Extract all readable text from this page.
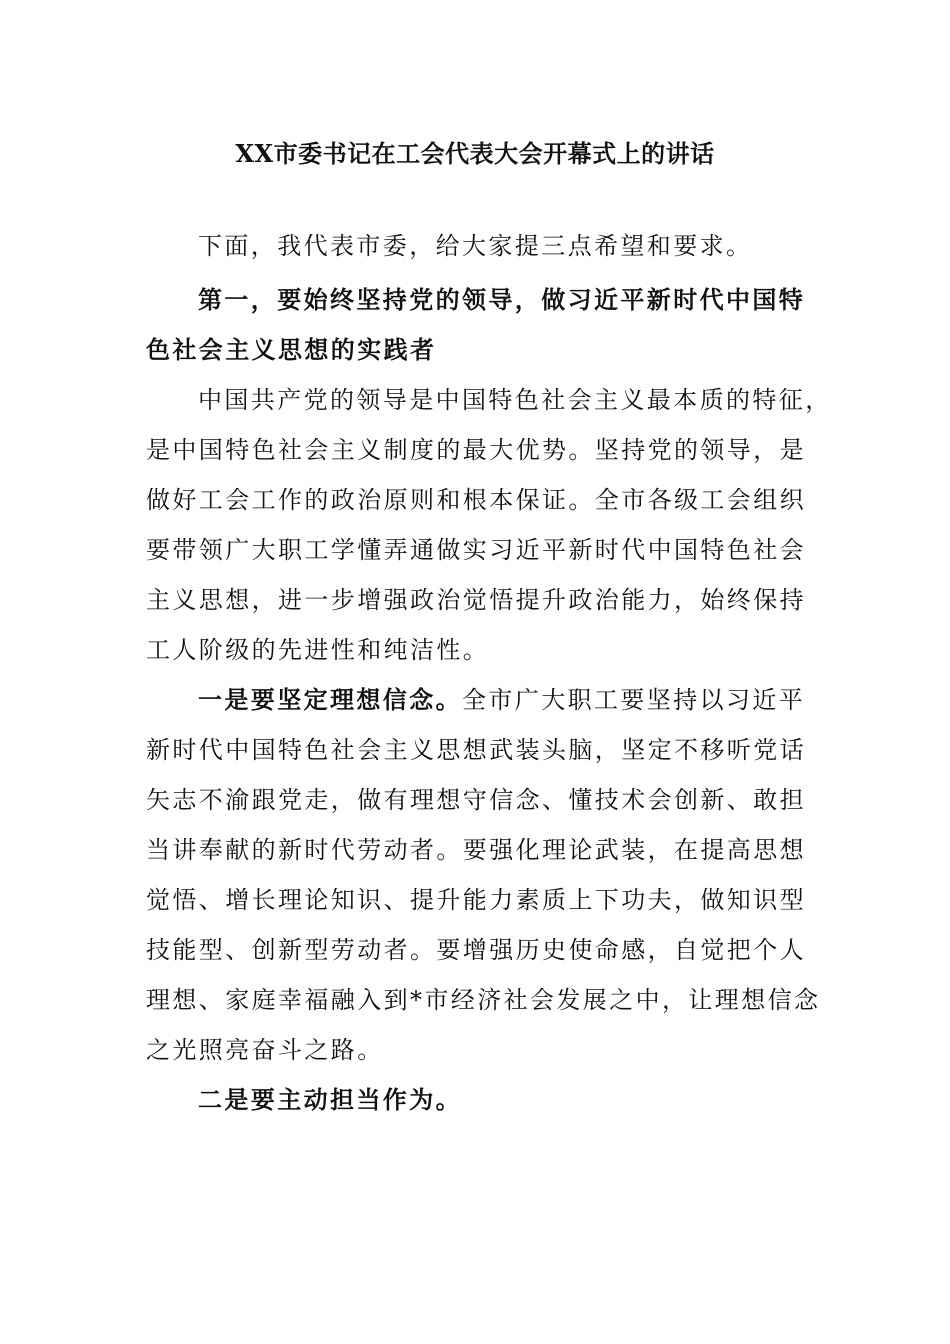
XX市委书记在工会代表大会开幕式上的讲话
下面，我代表市委，给大家提三点希望和要求。
第一，要始终坚持党的领导，做习近平新时代中国特
色社会主义思想的实践者
中国共产党的领导是中国特色社会主义最本质的特征，
是中国特色社会主义制度的最大优势。坚持党的领导，是
做好工会工作的政治原则和根本保证。全市各级工会组织
要带领广大职工学懂弄通做实习近平新时代中国特色社会
主义思想，进一步增强政治觉悟提升政治能力，始终保持
工人阶级的先进性和纯洁性。
一是要坚定理想信念。全市广大职工要坚持以习近平
新时代中国特色社会主义思想武装头脑，坚定不移听党话
矢志不渝跟党走，做有理想守信念、懂技术会创新、敢担
当讲奉献的新时代劳动者。要强化理论武装，在提高思想
觉悟、增长理论知识、提升能力素质上下功夫，做知识型
技能型、创新型劳动者。要增强历史使命感，自觉把个人
理想、家庭幸福融入到*市经济社会发展之中，让理想信念
之光照亮奋斗之路。
二是要主动担当作为。
